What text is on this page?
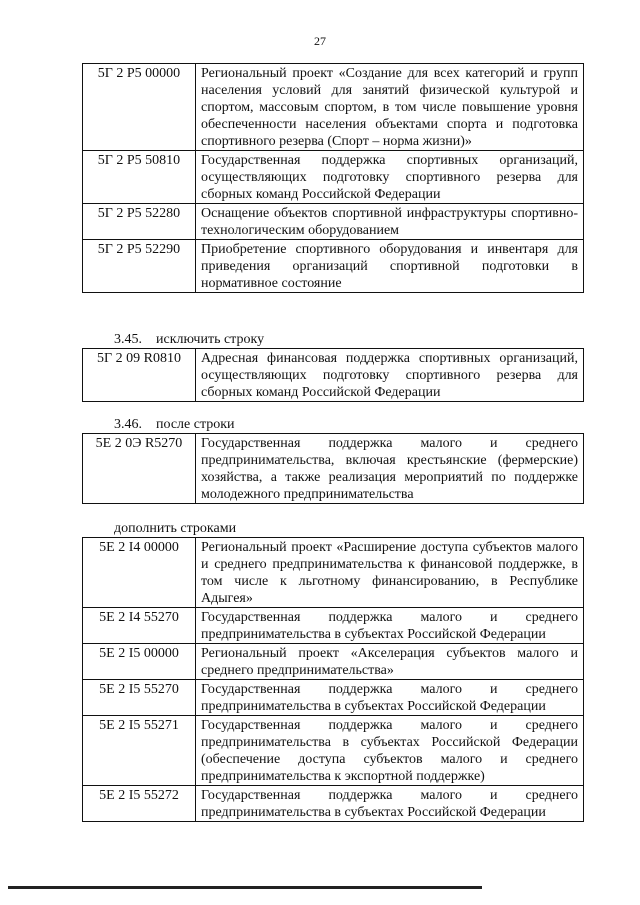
27
5Г 2 Р5 00000	Региональный проект «Создание для всех категорий и групп населения условий для занятий физической культурой и спортом, массовым спортом, в том числе повышение уровня обеспеченности населения объектами спорта и подготовка спортивного резерва (Спорт – норма жизни)»
5Г 2 Р5 50810	Государственная поддержка спортивных организаций, осуществляющих подготовку спортивного резерва для сборных команд Российской Федерации
5Г 2 Р5 52280	Оснащение объектов спортивной инфраструктуры спортивно-технологическим оборудованием
5Г 2 Р5 52290	Приобретение спортивного оборудования и инвентаря для приведения организаций спортивной подготовки в нормативное состояние
3.45. исключить строку
5Г 2 09 R0810	Адресная финансовая поддержка спортивных организаций, осуществляющих подготовку спортивного резерва для сборных команд Российской Федерации
3.46. после строки
5Е 2 0Э R5270	Государственная поддержка малого и среднего предпринимательства, включая крестьянские (фермерские) хозяйства, а также реализация мероприятий по поддержке молодежного предпринимательства
дополнить строками
5Е 2 I4 00000	Региональный проект «Расширение доступа субъектов малого и среднего предпринимательства к финансовой поддержке, в том числе к льготному финансированию, в Республике Адыгея»
5Е 2 I4 55270	Государственная поддержка малого и среднего предпринимательства в субъектах Российской Федерации
5Е 2 I5 00000	Региональный проект «Акселерация субъектов малого и среднего предпринимательства»
5Е 2 I5 55270	Государственная поддержка малого и среднего предпринимательства в субъектах Российской Федерации
5Е 2 I5 55271	Государственная поддержка малого и среднего предпринимательства в субъектах Российской Федерации (обеспечение доступа субъектов малого и среднего предпринимательства к экспортной поддержке)
5Е 2 I5 55272	Государственная поддержка малого и среднего предпринимательства в субъектах Российской Федерации
